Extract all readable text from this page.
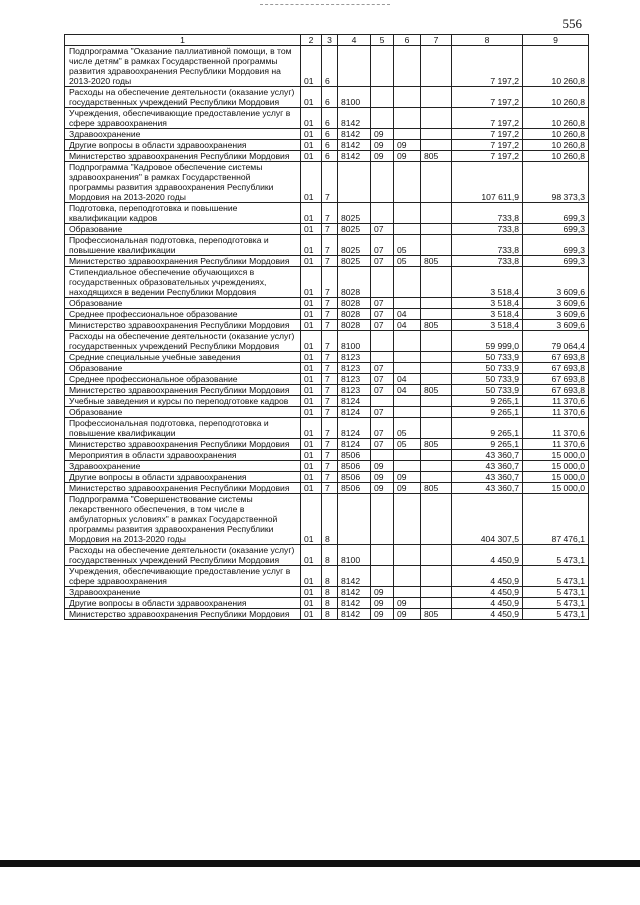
556
1	2	3	4	5	6	7	8	9
Подпрограмма "Оказание паллиативной помощи, в том числе детям" в рамках Государственной программы развития здравоохранения Республики Мордовия на 2013-2020 годы	01	6					7 197,2	10 260,8
Расходы на обеспечение деятельности (оказание услуг) государственных учреждений Республики Мордовия	01	6	8100				7 197,2	10 260,8
Учреждения, обеспечивающие предоставление услуг в сфере здравоохранения	01	6	8142				7 197,2	10 260,8
Здравоохранение	01	6	8142	09			7 197,2	10 260,8
Другие вопросы в области здравоохранения	01	6	8142	09	09		7 197,2	10 260,8
Министерство здравоохранения Республики Мордовия	01	6	8142	09	09	805	7 197,2	10 260,8
Подпрограмма "Кадровое обеспечение системы здравоохранения" в рамках Государственной программы развития здравоохранения Республики Мордовия на 2013-2020 годы	01	7					107 611,9	98 373,3
Подготовка, переподготовка и повышение квалификации кадров	01	7	8025				733,8	699,3
Образование	01	7	8025	07			733,8	699,3
Профессиональная подготовка, переподготовка и повышение квалификации	01	7	8025	07	05		733,8	699,3
Министерство здравоохранения Республики Мордовия	01	7	8025	07	05	805	733,8	699,3
Стипендиальное обеспечение обучающихся в государственных образовательных учреждениях, находящихся в ведении Республики Мордовия	01	7	8028				3 518,4	3 609,6
Образование	01	7	8028	07			3 518,4	3 609,6
Среднее профессиональное образование	01	7	8028	07	04		3 518,4	3 609,6
Министерство здравоохранения Республики Мордовия	01	7	8028	07	04	805	3 518,4	3 609,6
Расходы на обеспечение деятельности (оказание услуг) государственных учреждений Республики Мордовия	01	7	8100				59 999,0	79 064,4
Средние специальные учебные заведения	01	7	8123				50 733,9	67 693,8
Образование	01	7	8123	07			50 733,9	67 693,8
Среднее профессиональное образование	01	7	8123	07	04		50 733,9	67 693,8
Министерство здравоохранения Республики Мордовия	01	7	8123	07	04	805	50 733,9	67 693,8
Учебные заведения и курсы по переподготовке кадров	01	7	8124				9 265,1	11 370,6
Образование	01	7	8124	07			9 265,1	11 370,6
Профессиональная подготовка, переподготовка и повышение квалификации	01	7	8124	07	05		9 265,1	11 370,6
Министерство здравоохранения Республики Мордовия	01	7	8124	07	05	805	9 265,1	11 370,6
Мероприятия в области здравоохранения	01	7	8506				43 360,7	15 000,0
Здравоохранение	01	7	8506	09			43 360,7	15 000,0
Другие вопросы в области здравоохранения	01	7	8506	09	09		43 360,7	15 000,0
Министерство здравоохранения Республики Мордовия	01	7	8506	09	09	805	43 360,7	15 000,0
Подпрограмма "Совершенствование системы лекарственного обеспечения, в том числе в амбулаторных условиях" в рамках Государственной программы развития здравоохранения Республики Мордовия на 2013-2020 годы	01	8					404 307,5	87 476,1
Расходы на обеспечение деятельности (оказание услуг) государственных учреждений Республики Мордовия	01	8	8100				4 450,9	5 473,1
Учреждения, обеспечивающие предоставление услуг в сфере здравоохранения	01	8	8142				4 450,9	5 473,1
Здравоохранение	01	8	8142	09			4 450,9	5 473,1
Другие вопросы в области здравоохранения	01	8	8142	09	09		4 450,9	5 473,1
Министерство здравоохранения Республики Мордовия	01	8	8142	09	09	805	4 450,9	5 473,1
